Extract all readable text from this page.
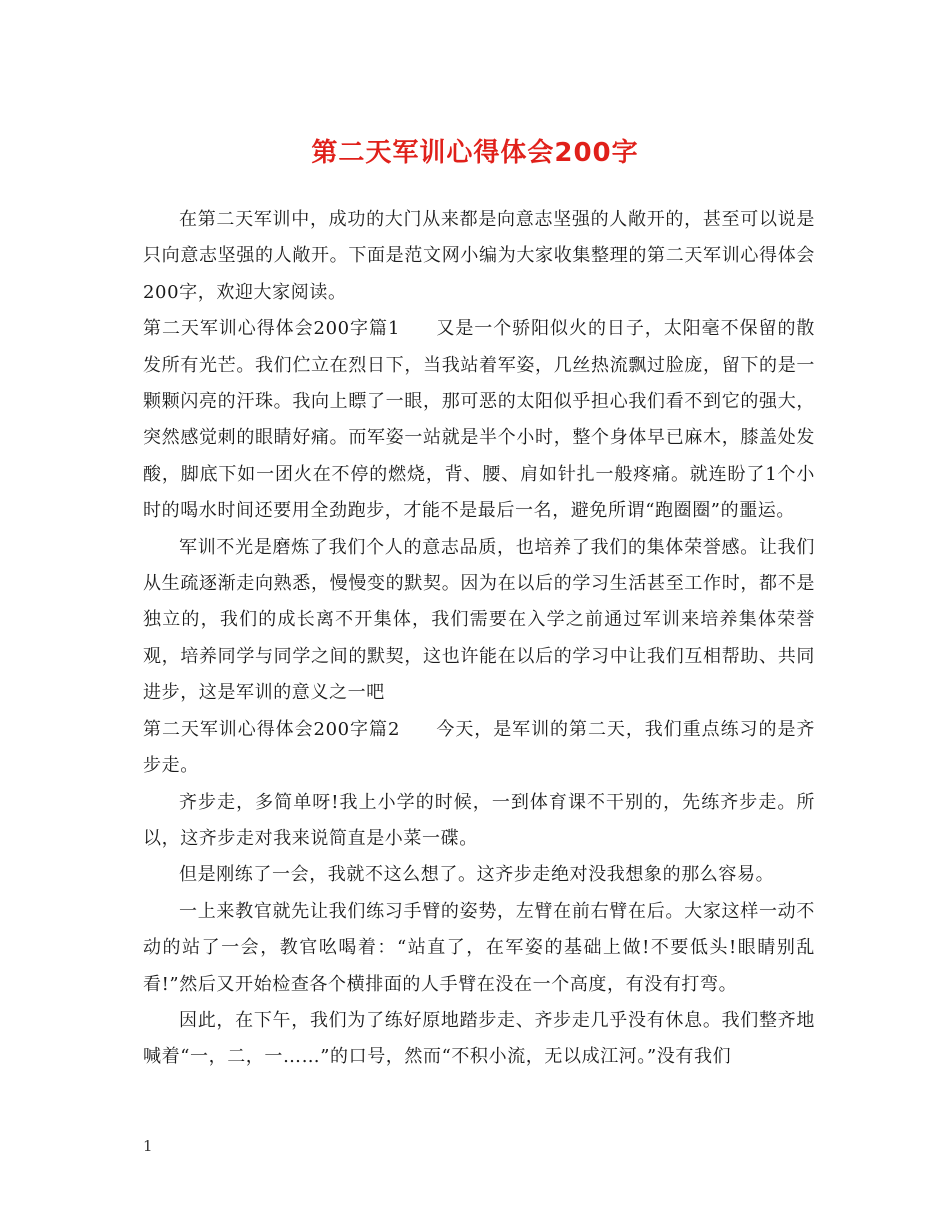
第二天军训心得体会200字

在第二天军训中，成功的大门从来都是向意志坚强的人敞开的，甚至可以说是只向意志坚强的人敞开。下面是范文网小编为大家收集整理的第二天军训心得体会200字，欢迎大家阅读。

第二天军训心得体会200字篇1 又是一个骄阳似火的日子，太阳毫不保留的散发所有光芒。我们伫立在烈日下，当我站着军姿，几丝热流飘过脸庞，留下的是一颗颗闪亮的汗珠。我向上瞟了一眼，那可恶的太阳似乎担心我们看不到它的强大，突然感觉刺的眼睛好痛。而军姿一站就是半个小时，整个身体早已麻木，膝盖处发酸，脚底下如一团火在不停的燃烧，背、腰、肩如针扎一般疼痛。就连盼了1个小时的喝水时间还要用全劲跑步，才能不是最后一名，避免所谓“跑圈圈”的噩运。

军训不光是磨炼了我们个人的意志品质，也培养了我们的集体荣誉感。让我们从生疏逐渐走向熟悉，慢慢变的默契。因为在以后的学习生活甚至工作时，都不是独立的，我们的成长离不开集体，我们需要在入学之前通过军训来培养集体荣誉观，培养同学与同学之间的默契，这也许能在以后的学习中让我们互相帮助、共同进步，这是军训的意义之一吧

第二天军训心得体会200字篇2 今天，是军训的第二天，我们重点练习的是齐步走。

齐步走，多简单呀!我上小学的时候，一到体育课不干别的，先练齐步走。所以，这齐步走对我来说简直是小菜一碟。

但是刚练了一会，我就不这么想了。这齐步走绝对没我想象的那么容易。

一上来教官就先让我们练习手臂的姿势，左臂在前右臂在后。大家这样一动不动的站了一会，教官吆喝着：“站直了，在军姿的基础上做!不要低头!眼睛别乱看!”然后又开始检查各个横排面的人手臂在没在一个高度，有没有打弯。

因此，在下午，我们为了练好原地踏步走、齐步走几乎没有休息。我们整齐地喊着“一，二，一……”的口号，然而“不积小流，无以成江河。”没有我们

1
